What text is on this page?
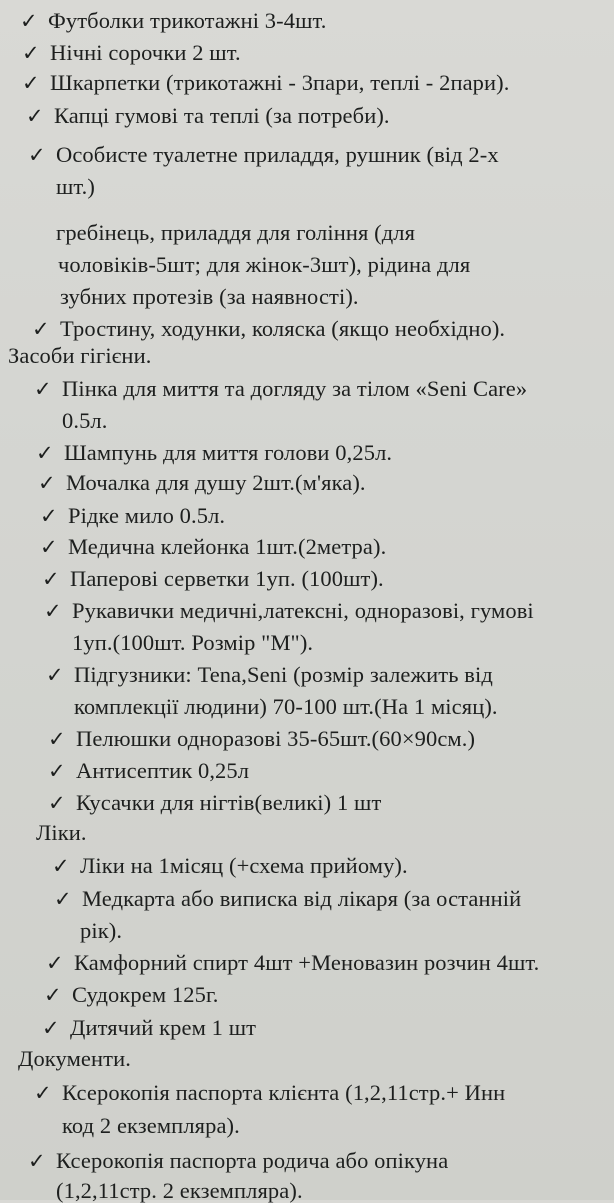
✓ Футболки трикотажні 3-4шт.
✓ Нічні сорочки 2 шт.
✓ Шкарпетки (трикотажні - 3пари, теплі - 2пари).
✓ Капці гумові та теплі (за потреби).
✓ Особисте туалетне приладдя, рушник (від 2-х
шт.)
гребінець, приладдя для гоління (для
чоловіків-5шт; для жінок-3шт), рідина для
зубних протезів (за наявності).
✓ Тростину, ходунки, коляска (якщо необхідно).
Засоби гігієни.
✓ Пінка для миття та догляду за тілом «Seni Care»
0.5л.
✓ Шампунь для миття голови 0,25л.
✓ Мочалка для душу 2шт.(м'яка).
✓ Рідке мило 0.5л.
✓ Медична клейонка 1шт.(2метра).
✓ Паперові серветки 1уп. (100шт).
✓ Рукавички медичні,латексні, одноразові, гумові
1уп.(100шт. Розмір "М").
✓ Підгузники: Tena,Seni (розмір залежить від
комплекції людини) 70-100 шт.(На 1 місяц).
✓ Пелюшки одноразові 35-65шт.(60×90см.)
✓ Антисептик 0,25л
✓ Кусачки для нігтів(великі) 1 шт
Ліки.
✓ Ліки на 1місяц (+схема прийому).
✓ Медкарта або виписка від лікаря (за останній
рік).
✓ Камфорний спирт 4шт +Меновазин розчин 4шт.
✓ Судокрем 125г.
✓ Дитячий крем 1 шт
Документи.
✓ Ксерокопія паспорта клієнта (1,2,11стр.+ Инн
код 2 екземпляра).
✓ Ксерокопія паспорта родича або опікуна
(1,2,11стр. 2 екземпляра).
